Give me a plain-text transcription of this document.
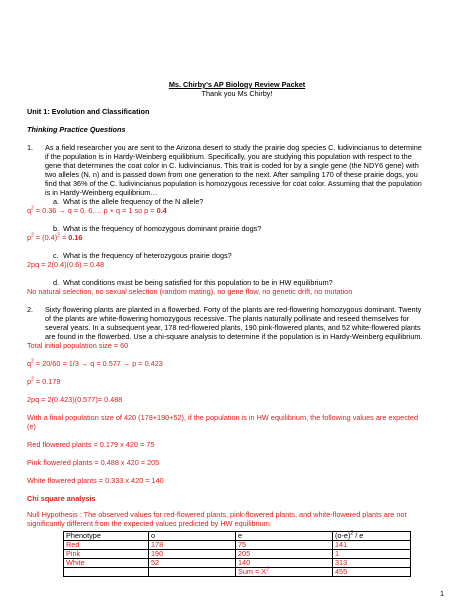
Ms. Chirby's AP Biology Review Packet
Thank you Ms Chirby!
Unit 1: Evolution and Classification
Thinking Practice Questions
1. As a field researcher you are sent to the Arizona desert to study the prairie dog species C. ludivincianus to determine
if the population is in Hardy-Weinberg equilibrium. Specifically, you are studying this population with respect to the
gene that determines the coat color in C. ludivincianus. This trait is coded for by a single gene (the NDY6 gene) with
two alleles (N, n) and is passed down from one generation to the next. After sampling 170 of these prairie dogs, you
find that 36% of the C. ludivincianus population is homozygous recessive for coat color. Assuming that the population
is in Hardy-Weinberg equilibrium…
a. What is the allele frequency of the N allele?
$q^2 = 0.36 \to q = 0$. 6…. p + q = 1 so p = 0.4
b. What is the frequency of homozygous dominant prairie dogs?
$p^2 = (0.4)^2 = 0.16$
c. What is the frequency of heterozygous prairie dogs?
2pq = 2(0.4)(0.6) = 0.48
d. What conditions must be being satisfied for this population to be in HW equilibrium?
No natural selection, no sexual selection (random mating), no gene flow, no genetic drift, no mutation
2. Sixty flowering plants are planted in a flowerbed. Forty of the plants are red-flowering homozygous dominant. Twenty
of the plants are white-flowering homozygous recessive. The plants naturally pollinate and reseed themselves for
several years. In a subsequent year, 178 red-flowered plants, 190 pink-flowered plants, and 52 white-flowered plants
are found in the flowerbed. Use a chi-square analysis to determine if the population is in Hardy-Weinberg equilibrium.
Total initial population size = 60
$q^2 = 20/60 = 1/3 \to q = 0.577 \to p = 0.423$
$p^2 = 0.179$
2pq = 2(0.423)(0.577)= 0.488
With a final population size of 420 (178+190+52), if the population is in HW equilibrium, the following values are expected
(e)
Red flowered plants = 0.179 x 420 = 75
Pink flowered plants = 0.488 x 420 = 205
White flowered plants = 0.333 x 420 = 140
Chi square analysis
Null Hypothesis : The observed values for red-flowered plants, pink-flowered plants, and white-flowered plants are not
significantly different from the expected values predicted by HW equilibrium.
Phenotype	o	e	$(o-e)^2$ / e
Red	178	75	141
Pink	190	205	1
White	52	140	313
		Sum = $X^2$	455
1
